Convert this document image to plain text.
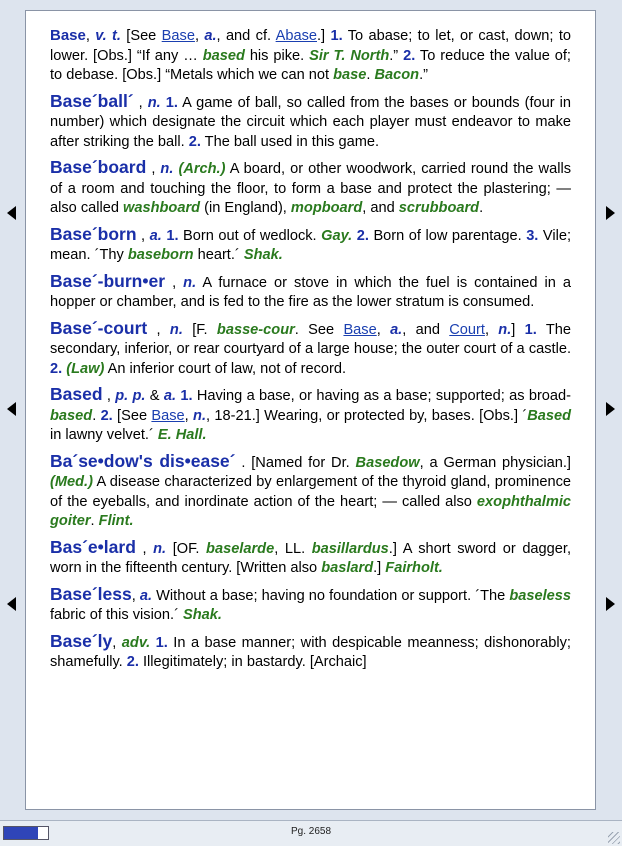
Base, v. t. [See Base, a., and cf. Abase.] 1. To abase; to let, or cast, down; to lower. [Obs.] “If any … based his pike. Sir T. North.” 2. To reduce the value of; to debase. [Obs.] “Metals which we can not base. Bacon.”

Base´ball´ , n. 1. A game of ball, so called from the bases or bounds (four in number) which designate the circuit which each player must endeavor to make after striking the ball. 2. The ball used in this game.

Base´board , n. (Arch.) A board, or other woodwork, carried round the walls of a room and touching the floor, to form a base and protect the plastering; — also called washboard (in England), mopboard, and scrubboard.

Base´born , a. 1. Born out of wedlock. Gay. 2. Born of low parentage. 3. Vile; mean. ´Thy baseborn heart.´ Shak.

Base´-burn•er , n. A furnace or stove in which the fuel is contained in a hopper or chamber, and is fed to the fire as the lower stratum is consumed.

Base´-court , n. [F. basse-cour. See Base, a., and Court, n.] 1. The secondary, inferior, or rear courtyard of a large house; the outer court of a castle. 2. (Law) An inferior court of law, not of record.

Based , p. p. & a. 1. Having a base, or having as a base; supported; as broad-based. 2. [See Base, n., 18-21.] Wearing, or protected by, bases. [Obs.] ´Based in lawny velvet.´ E. Hall.

Ba´se•dow's dis•ease´ . [Named for Dr. Basedow, a German physician.] (Med.) A disease characterized by enlargement of the thyroid gland, prominence of the eyeballs, and inordinate action of the heart; — called also exophthalmic goiter. Flint.

Bas´e•lard , n. [OF. baselarde, LL. basillardus.] A short sword or dagger, worn in the fifteenth century. [Written also baslard.] Fairholt.

Base´less, a. Without a base; having no foundation or support. ´The baseless fabric of this vision.´ Shak.

Base´ly, adv. 1. In a base manner; with despicable meanness; dishonorably; shamefully. 2. Illegitimately; in bastardy. [Archaic]

Pg. 2658
